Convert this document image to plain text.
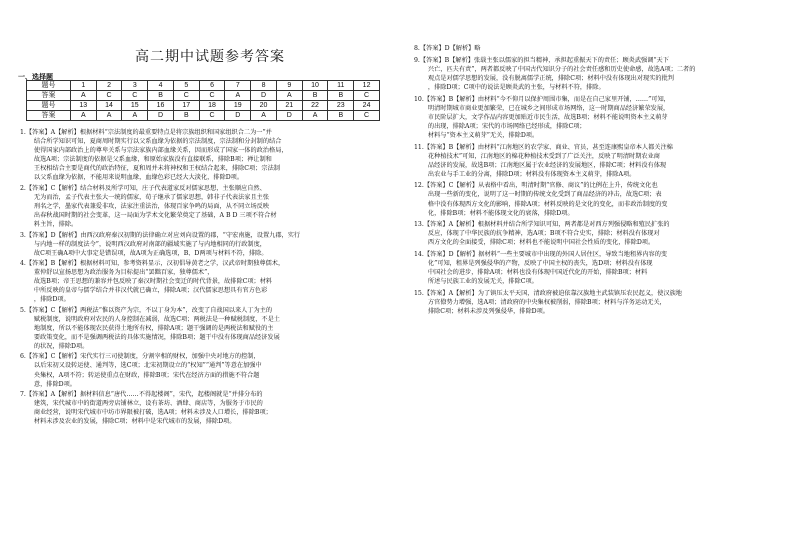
高二期中试题参考答案
一、选择题
题号	1	2	3	4	5	6	7	8	9	10	11	12
答案	A	C	C	B	C	C	A	D	A	B	B	C
题号	13	14	15	16	17	18	19	20	21	22	23	24
答案	A	A	A	D	B	C	D	A	D	A	B	C
1.【答案】A【解析】根据材料“宗法制度的最重要特点是将宗族组织和国家组织合二为一”并
结合所学知识可知，夏商周时期实行以父系血缘为依据的宗法制度，宗法制和分封制的结合
使得国家内部政治上的尊卑关系与宗法家族内部血缘关系，因而形成了国家一体的政治格局，
故选A项；宗法制度的依据是父系血缘，和原始家族没有直接联系，排除B项；禅让制和
王权相结合主要是商代的政治特征，夏和周并未将神权和王权结合起来，排除C项；宗法制
以父系血缘为依据，不能用来说明血缘，血缘色彩已经大大淡化，排除D项。
2.【答案】C【解析】结合材料及所学可知，庄子代表道家反对儒家思想，主张顺应自然、
无为而治，孟子代表主张大一统的儒家，荀子继承了儒家思想，韩非子代表法家且主张
刑名之学，墨家代表兼爱非攻，法家注重法治，体现百家争鸣的局面，从不同立场反映
出春秋战国时期的社会变革，这一局面为学术文化繁荣奠定了基础，A B D 三项不符合材
料主旨，排除。
3.【答案】D【解析】由西汉政府秦汉初期的法律确立对应刘向设置的郡，“守宏南施，设置九郡，实行
与内地一样的制度法令”，说明西汉政府对南部的疆域实施了与内地相同的行政制度，
故C项王确A项中大事定是错误项，故A项为正确选项，B、D两项与材料不符，排除。
4.【答案】B【解析】根据材料可知，参考资料显示，汉初倡导黄老之学，汉武帝时期独尊儒术，
董仲舒以宣扬思想为政治服务为目标提出“罢黜百家，独尊儒术”，
故选B项；帝王思想的兼容并包反映了秦汉时期社会变迁的时代背景，故排除C项；材料
中所反映的皇帝与儒学结合并非汉代就已确立，排除A项；汉代儒家思想具有官方色彩
，排除D项。
5.【答案】C【解析】两税法“惟以资产为宗，不以丁身为本”，改变了自战国以来人丁为主的
赋税制度，说明政府对农民的人身控制在减弱，故选C项；两税法是一种赋税制度，不是土
地制度，所以不能体现农民获得土地所有权，排除A项；题干强调的是两税法和赋役的主
要政策变化，而不是强调两税法的具体实施情况，排除B项；题干中没有体现商品经济发展
的状况，排除D项。
6.【答案】C【解析】宋代实行三司使制度，分割宰相的财权，加强中央对地方的控制，
以后宋初又设转运使、通判等，选C项；北宋初期设立的“权知”“通判”等意在加强中
央集权，A项不符；转运使重点在财政，排除B项；宋代在经济方面的措施不符合题
意，排除D项。
7.【答案】A【解析】据材料信息“唐代……不得起楼阁”，宋代，起楼阁就是“并排分布的
建筑，宋代城市中的街道两旁店铺林立，设有茶坊、酒肆、商店等，为服务于市民的
商业经营，说明宋代城市中坊市界限被打破，选A项；材料未涉及人口增长，排除B项；
材料未涉及农业的发展，排除C项；材料中是宋代城市的发展，排除D项。
8.【答案】D【解析】略
9.【答案】B【解析】张载主张以儒家的担当精神，承担起重振天下的责任；顾炎武强调“天下
兴亡，匹夫有责”，两者都反映了中国古代知识分子的社会责任感和历史使命感，故选A项；二者的
观点是对儒学思想的发展，没有脱离儒学正统，排除C项；材料中没有体现出对现实的批判
，排除D项；C项中的说法是顾炎武的主张，与材料不符，排除。
10.【答案】B【解析】由材料“今不仰月以保护周围市集，而是在自己家里开铺，……”可知，
明清时期城市商业更加繁荣，已在城乡之间形成市场网络，这一时期商品经济繁荣发展，
市民阶层扩大，文学作品内容更加贴近市民生活，故选B项；材料不能说明资本主义萌芽
的出现，排除A项；宋代的市场网络已经形成，排除C项；
材料与“资本主义萌芽”无关，排除D项。
11.【答案】B【解析】由材料“江南地区的农学家、商业、官员，甚至连康熙皇帝本人都关注棉
花种植技术”可知，江南地区的棉花种植技术受到了广泛关注，反映了明清时期农业商
品经济的发展，故选B项；江南地区属于农业经济的发展地区，排除C项；材料没有体现
出农业与手工业的分离，排除D项；材料没有体现资本主义萌芽，排除A项。
12.【答案】C【解析】从表格中看出，明清时期“官修、商议”的比例在上升，传统文化也
出现一些新的变化，说明了这一时期的传统文化受到了商品经济的冲击，故选C项；表
格中没有体现西方文化的影响，排除A项；材料反映的是文化的变化，而非政治制度的变
化，排除B项；材料不能体现文化的衰落，排除D项。
13.【答案】A【解析】根据材料并结合所学知识可知，两者都是对西方列强侵略和殖民扩张的
反应，体现了中华民族的抗争精神，选A项；B项不符合史实，排除；材料没有体现对
西方文化的全面接受，排除C项；材料也不能说明中国社会性质的变化，排除D项。
14.【答案】D【解析】据材料“一些主要城市中出现的外国人居住区，导致当地租界内容的变
化”可知，租界是列强侵华的产物，反映了中国主权的丧失，选D项；材料没有体现
中国社会的进步，排除A项；材料也没有体现中国近代化的开始，排除B项；材料
所述与民族工业的发展无关，排除C项。
15.【答案】A【解析】为了镇压太平天国，清政府被迫依靠汉族地主武装镇压农民起义，使汉族地
方官僚势力增强，选A项；清政府的中央集权被削弱，排除B项；材料与洋务运动无关，
排除C项；材料未涉及列强侵华，排除D项。
